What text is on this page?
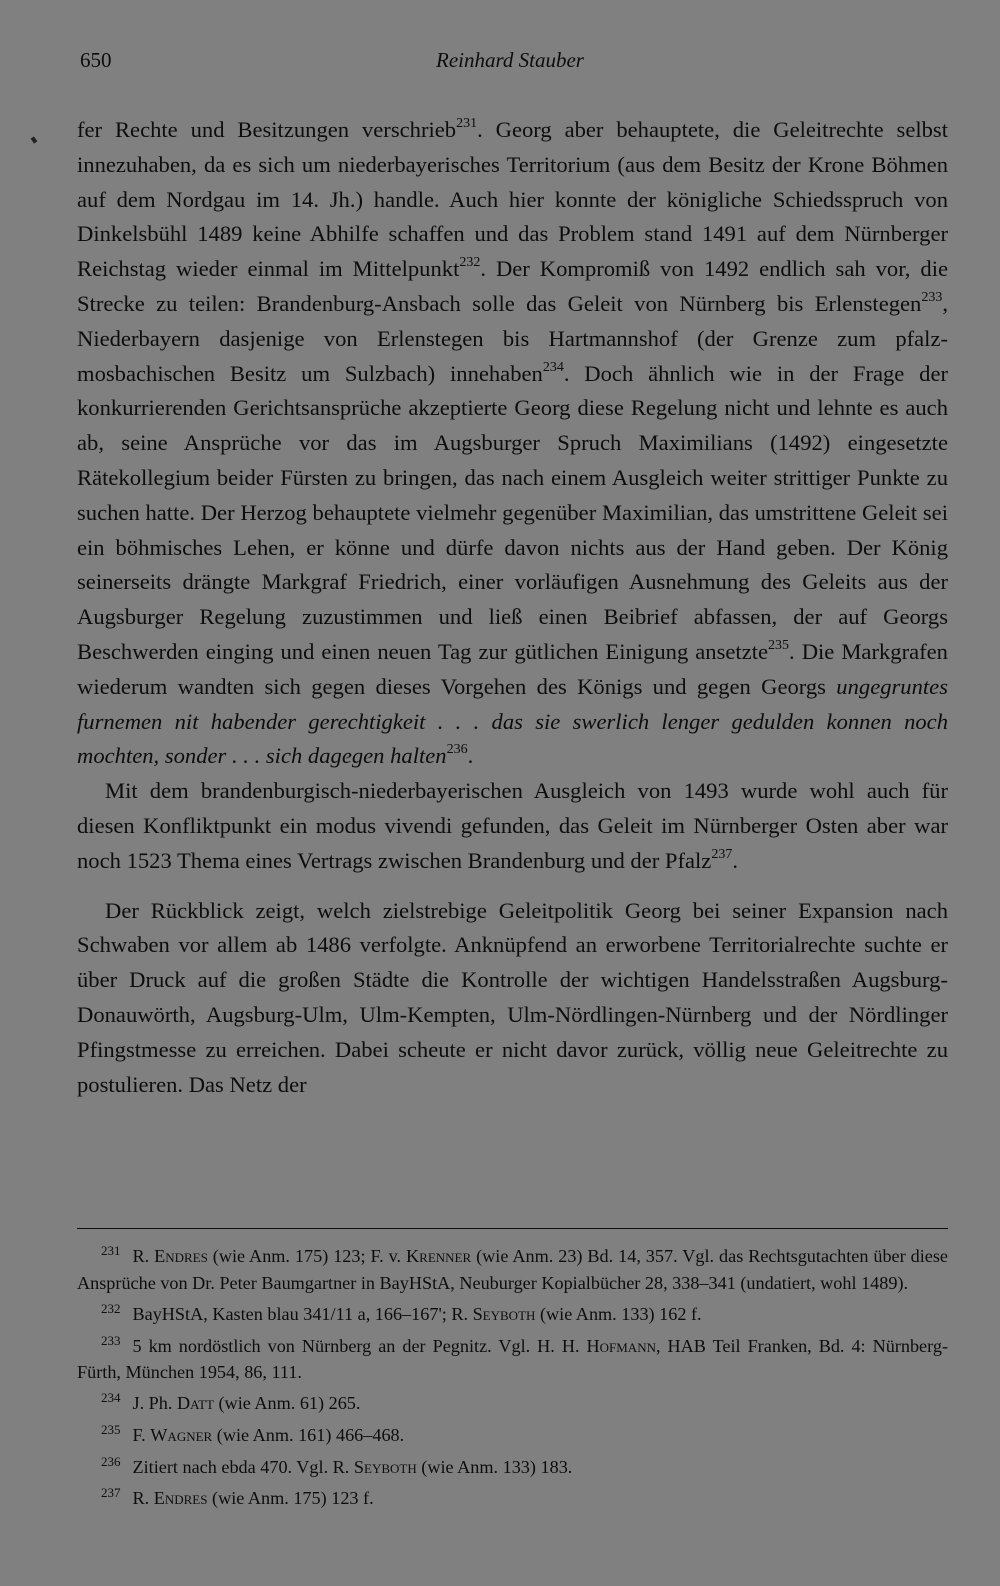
650	Reinhard Stauber

fer Rechte und Besitzungen verschrieb$^{231}$. Georg aber behauptete, die Geleitrechte selbst innezuhaben, da es sich um niederbayerisches Territorium (aus dem Besitz der Krone Böhmen auf dem Nordgau im 14. Jh.) handle. Auch hier konnte der königliche Schiedsspruch von Dinkelsbühl 1489 keine Abhilfe schaffen und das Problem stand 1491 auf dem Nürnberger Reichstag wieder einmal im Mittelpunkt$^{232}$. Der Kompromiß von 1492 endlich sah vor, die Strecke zu teilen: Brandenburg-Ansbach solle das Geleit von Nürnberg bis Erlenstegen$^{233}$, Niederbayern dasjenige von Erlenstegen bis Hartmannshof (der Grenze zum pfalz-mosbachischen Besitz um Sulzbach) innehaben$^{234}$. Doch ähnlich wie in der Frage der konkurrierenden Gerichtsansprüche akzeptierte Georg diese Regelung nicht und lehnte es auch ab, seine Ansprüche vor das im Augsburger Spruch Maximilians (1492) eingesetzte Rätekollegium beider Fürsten zu bringen, das nach einem Ausgleich weiter strittiger Punkte zu suchen hatte. Der Herzog behauptete vielmehr gegenüber Maximilian, das umstrittene Geleit sei ein böhmisches Lehen, er könne und dürfe davon nichts aus der Hand geben. Der König seinerseits drängte Markgraf Friedrich, einer vorläufigen Ausnehmung des Geleits aus der Augsburger Regelung zuzustimmen und ließ einen Beibrief abfassen, der auf Georgs Beschwerden einging und einen neuen Tag zur gütlichen Einigung ansetzte$^{235}$. Die Markgrafen wiederum wandten sich gegen dieses Vorgehen des Königs und gegen Georgs ungegruntes furnemen nit habender gerechtigkeit . . . das sie swerlich lenger gedulden konnen noch mochten, sonder . . . sich dagegen halten$^{236}$.

Mit dem brandenburgisch-niederbayerischen Ausgleich von 1493 wurde wohl auch für diesen Konfliktpunkt ein modus vivendi gefunden, das Geleit im Nürnberger Osten aber war noch 1523 Thema eines Vertrags zwischen Brandenburg und der Pfalz$^{237}$.

Der Rückblick zeigt, welch zielstrebige Geleitpolitik Georg bei seiner Expansion nach Schwaben vor allem ab 1486 verfolgte. Anknüpfend an erworbene Territorialrechte suchte er über Druck auf die großen Städte die Kontrolle der wichtigen Handelsstraßen Augsburg-Donauwörth, Augsburg-Ulm, Ulm-Kempten, Ulm-Nördlingen-Nürnberg und der Nördlinger Pfingstmesse zu erreichen. Dabei scheute er nicht davor zurück, völlig neue Geleitrechte zu postulieren. Das Netz der

$^{231}$ R. Endres (wie Anm. 175) 123; F. v. Krenner (wie Anm. 23) Bd. 14, 357. Vgl. das Rechtsgutachten über diese Ansprüche von Dr. Peter Baumgartner in BayHStA, Neuburger Kopialbücher 28, 338–341 (undatiert, wohl 1489).

$^{232}$ BayHStA, Kasten blau 341/11 a, 166–167'; R. Seyboth (wie Anm. 133) 162 f.

$^{233}$ 5 km nordöstlich von Nürnberg an der Pegnitz. Vgl. H. H. Hofmann, HAB Teil Franken, Bd. 4: Nürnberg-Fürth, München 1954, 86, 111.

$^{234}$ J. Ph. Datt (wie Anm. 61) 265.

$^{235}$ F. Wagner (wie Anm. 161) 466–468.

$^{236}$ Zitiert nach ebda 470. Vgl. R. Seyboth (wie Anm. 133) 183.

$^{237}$ R. Endres (wie Anm. 175) 123 f.
